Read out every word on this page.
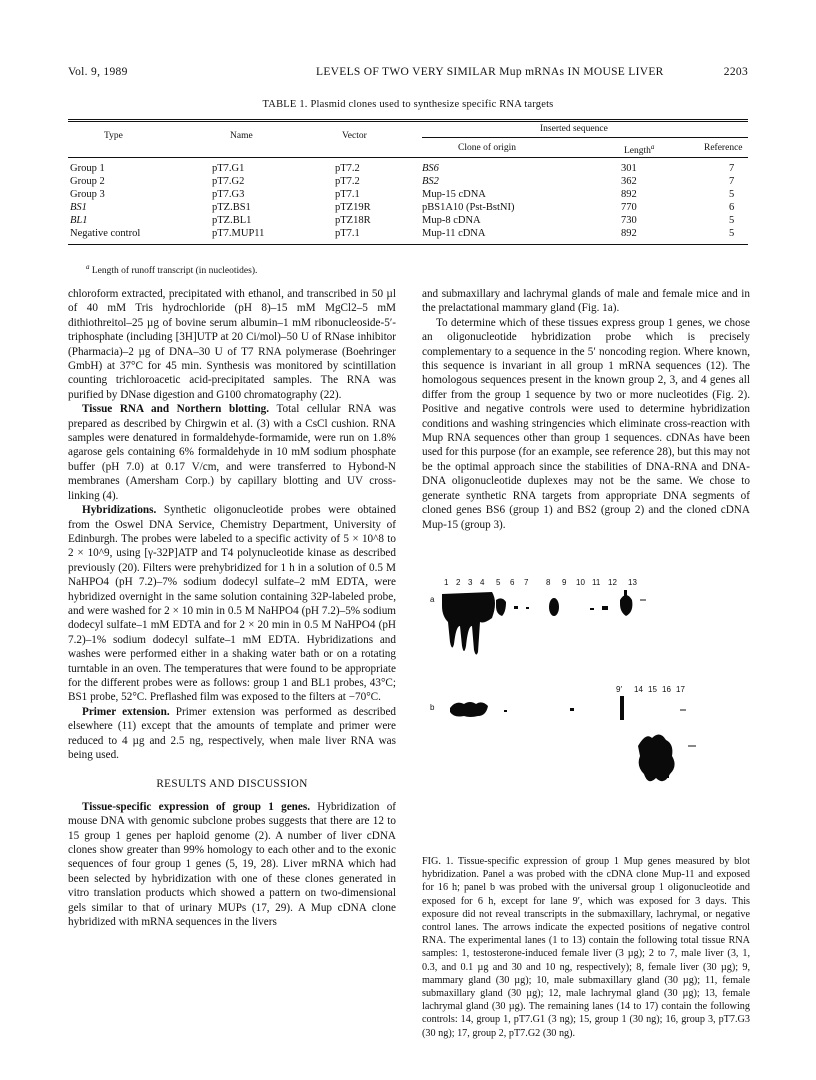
Vol. 9, 1989	LEVELS OF TWO VERY SIMILAR Mup mRNAs IN MOUSE LIVER	2203
TABLE 1. Plasmid clones used to synthesize specific RNA targets
Type	Name	Vector
Inserted sequence
Clone of origin	Length$^a$	Reference
Group 1	pT7.G1	pT7.2	BS6	301	7
Group 2	pT7.G2	pT7.2	BS2	362	7
Group 3	pT7.G3	pT7.1	Mup-15 cDNA	892	5
BS1	pTZ.BS1	pTZ19R	pBS1A10 (Pst-BstNI)	770	6
BL1	pTZ.BL1	pTZ18R	Mup-8 cDNA	730	5
Negative control	pT7.MUP11	pT7.1	Mup-11 cDNA	892	5
$^a$ Length of runoff transcript (in nucleotides).

chloroform extracted, precipitated with ethanol, and transcribed in 50 µl of 40 mM Tris hydrochloride (pH 8)–15 mM MgCl2–5 mM dithiothreitol–25 µg of bovine serum albumin–1 mM ribonucleoside-5′-triphosphate (including [3H]UTP at 20 Ci/mol)–50 U of RNase inhibitor (Pharmacia)–2 µg of DNA–30 U of T7 RNA polymerase (Boehringer GmbH) at 37°C for 45 min. Synthesis was monitored by scintillation counting trichloroacetic acid-precipitated samples. The RNA was purified by DNase digestion and G100 chromatography (22).

Tissue RNA and Northern blotting. Total cellular RNA was prepared as described by Chirgwin et al. (3) with a CsCl cushion. RNA samples were denatured in formaldehyde-formamide, were run on 1.8% agarose gels containing 6% formaldehyde in 10 mM sodium phosphate buffer (pH 7.0) at 0.17 V/cm, and were transferred to Hybond-N membranes (Amersham Corp.) by capillary blotting and UV cross-linking (4).

Hybridizations. Synthetic oligonucleotide probes were obtained from the Oswel DNA Service, Chemistry Department, University of Edinburgh. The probes were labeled to a specific activity of 5 × 10^8 to 2 × 10^9, using [γ-32P]ATP and T4 polynucleotide kinase as described previously (20). Filters were prehybridized for 1 h in a solution of 0.5 M NaHPO4 (pH 7.2)–7% sodium dodecyl sulfate–2 mM EDTA, were hybridized overnight in the same solution containing 32P-labeled probe, and were washed for 2 × 10 min in 0.5 M NaHPO4 (pH 7.2)–5% sodium dodecyl sulfate–1 mM EDTA and for 2 × 20 min in 0.5 M NaHPO4 (pH 7.2)–1% sodium dodecyl sulfate–1 mM EDTA. Hybridizations and washes were performed either in a shaking water bath or on a rotating turntable in an oven. The temperatures that were found to be appropriate for the different probes were as follows: group 1 and BL1 probes, 43°C; BS1 probe, 52°C. Preflashed film was exposed to the filters at −70°C.

Primer extension. Primer extension was performed as described elsewhere (11) except that the amounts of template and primer were reduced to 4 µg and 2.5 ng, respectively, when male liver RNA was being used.

RESULTS AND DISCUSSION

Tissue-specific expression of group 1 genes. Hybridization of mouse DNA with genomic subclone probes suggests that there are 12 to 15 group 1 genes per haploid genome (2). A number of liver cDNA clones show greater than 99% homology to each other and to the exonic sequences of four group 1 genes (5, 19, 28). Liver mRNA which had been selected by hybridization with one of these clones generated in vitro translation products which showed a pattern on two-dimensional gels similar to that of urinary MUPs (17, 29). A Mup cDNA clone hybridized with mRNA sequences in the livers

and submaxillary and lachrymal glands of male and female mice and in the prelactational mammary gland (Fig. 1a).

To determine which of these tissues express group 1 genes, we chose an oligonucleotide hybridization probe which is precisely complementary to a sequence in the 5′ noncoding region. Where known, this sequence is invariant in all group 1 mRNA sequences (12). The homologous sequences present in the known group 2, 3, and 4 genes all differ from the group 1 sequence by two or more nucleotides (Fig. 2). Positive and negative controls were used to determine hybridization conditions and washing stringencies which eliminate cross-reaction with Mup RNA sequences other than group 1 sequences. cDNAs have been used for this purpose (for an example, see reference 28), but this may not be the optimal approach since the stabilities of DNA-RNA and DNA-DNA oligonucleotide duplexes may not be the same. We chose to generate synthetic RNA targets from appropriate DNA segments of cloned genes BS6 (group 1) and BS2 (group 2) and the cloned cDNA Mup-15 (group 3).

a
b
1 2 3 4 5 6 7 8 9 10 11 12 13
9′ 14 15 16 17
FIG. 1. Tissue-specific expression of group 1 Mup genes measured by blot hybridization. Panel a was probed with the cDNA clone Mup-11 and exposed for 16 h; panel b was probed with the universal group 1 oligonucleotide and exposed for 6 h, except for lane 9′, which was exposed for 3 days. This exposure did not reveal transcripts in the submaxillary, lachrymal, or negative control lanes. The arrows indicate the expected positions of negative control RNA. The experimental lanes (1 to 13) contain the following total tissue RNA samples: 1, testosterone-induced female liver (3 µg); 2 to 7, male liver (3, 1, 0.3, and 0.1 µg and 30 and 10 ng, respectively); 8, female liver (30 µg); 9, mammary gland (30 µg); 10, male submaxillary gland (30 µg); 11, female submaxillary gland (30 µg); 12, male lachrymal gland (30 µg); 13, female lachrymal gland (30 µg). The remaining lanes (14 to 17) contain the following controls: 14, group 1, pT7.G1 (3 ng); 15, group 1 (30 ng); 16, group 3, pT7.G3 (30 ng); 17, group 2, pT7.G2 (30 ng).
